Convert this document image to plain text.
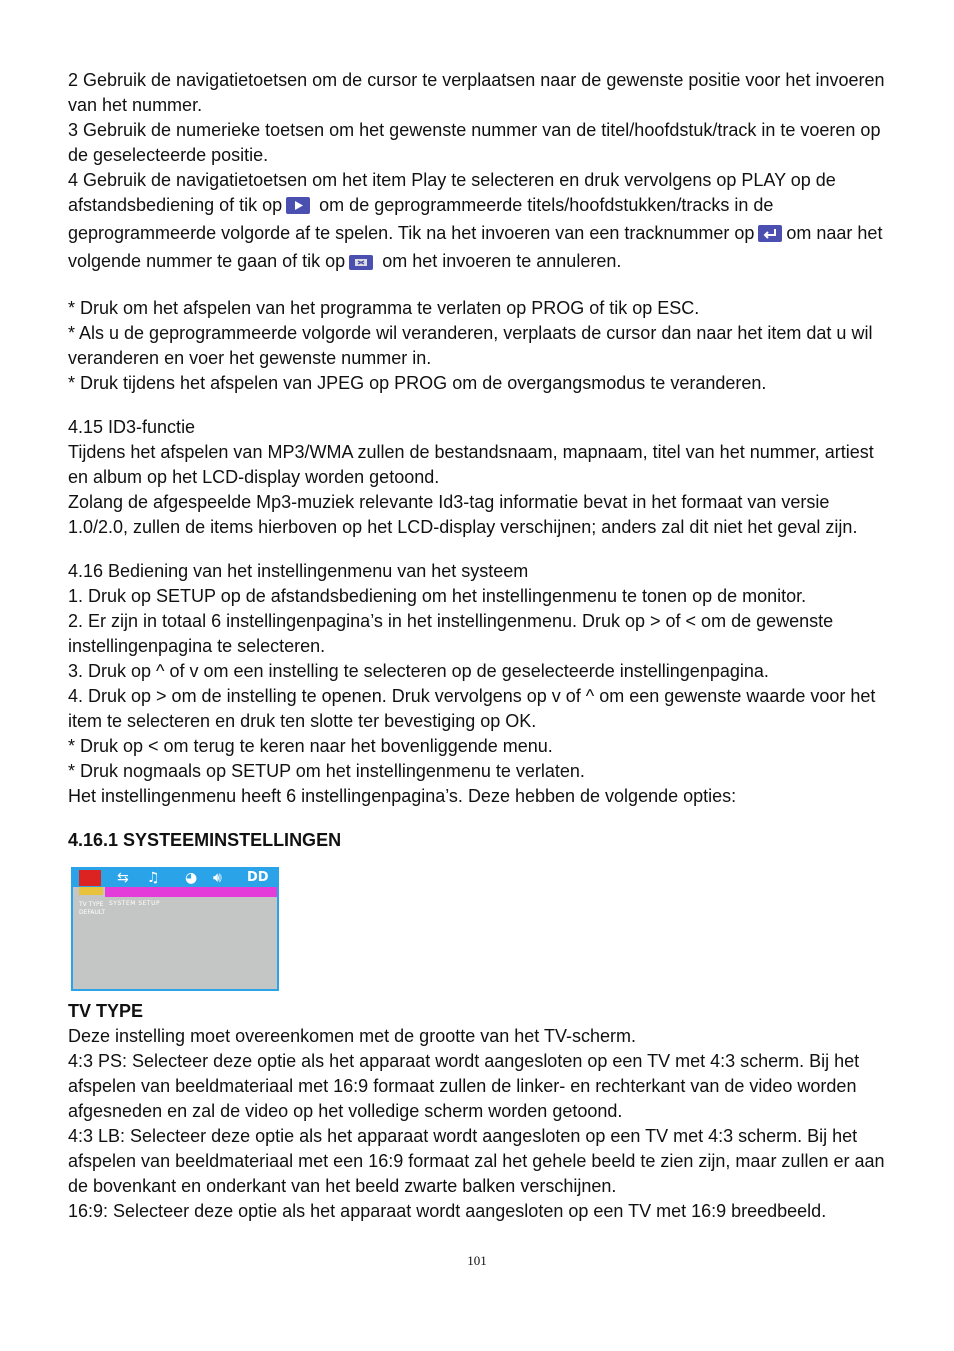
2 Gebruik de navigatietoetsen om de cursor te verplaatsen naar de gewenste positie voor het invoeren van het nummer.

3 Gebruik de numerieke toetsen om het gewenste nummer van de titel/hoofdstuk/track in te voeren op de geselecteerde positie.

4 Gebruik de navigatietoetsen om het item Play te selecteren en druk vervolgens op PLAY op de afstandsbediening of tik op om de geprogrammeerde titels/hoofdstukken/tracks in de geprogrammeerde volgorde af te spelen. Tik na het invoeren van een tracknummer op om naar het volgende nummer te gaan of tik op om het invoeren te annuleren.

* Druk om het afspelen van het programma te verlaten op PROG of tik op ESC.

* Als u de geprogrammeerde volgorde wil veranderen, verplaats de cursor dan naar het item dat u wil veranderen en voer het gewenste nummer in.

* Druk tijdens het afspelen van JPEG op PROG om de overgangsmodus te veranderen.

4.15 ID3-functie

Tijdens het afspelen van MP3/WMA zullen de bestandsnaam, mapnaam, titel van het nummer, artiest en album op het LCD-display worden getoond.

Zolang de afgespeelde Mp3-muziek relevante Id3-tag informatie bevat in het formaat van versie 1.0/2.0, zullen de items hierboven op het LCD-display verschijnen; anders zal dit niet het geval zijn.

4.16 Bediening van het instellingenmenu van het systeem

1. Druk op SETUP op de afstandsbediening om het instellingenmenu te tonen op de monitor.

2. Er zijn in totaal 6 instellingenpagina’s in het instellingenmenu. Druk op > of < om de gewenste instellingenpagina te selecteren.

3. Druk op ^ of v om een instelling te selecteren op de geselecteerde instellingenpagina.

4. Druk op > om de instelling te openen. Druk vervolgens op v of ^ om een gewenste waarde voor het item te selecteren en druk ten slotte ter bevestiging op OK.

* Druk op < om terug te keren naar het bovenliggende menu.

* Druk nogmaals op SETUP om het instellingenmenu te verlaten.

Het instellingenmenu heeft 6 instellingenpagina’s. Deze hebben de volgende opties:

4.16.1 SYSTEEMINSTELLINGEN

⇆ ♫ ◕ 🔊︎ DD
SYSTEM SETUP
TV TYPE
DEFAULT

TV TYPE

Deze instelling moet overeenkomen met de grootte van het TV-scherm.

4:3 PS: Selecteer deze optie als het apparaat wordt aangesloten op een TV met 4:3 scherm. Bij het afspelen van beeldmateriaal met 16:9 formaat zullen de linker- en rechterkant van de video worden afgesneden en zal de video op het volledige scherm worden getoond.

4:3 LB: Selecteer deze optie als het apparaat wordt aangesloten op een TV met 4:3 scherm. Bij het afspelen van beeldmateriaal met een 16:9 formaat zal het gehele beeld te zien zijn, maar zullen er aan de bovenkant en onderkant van het beeld zwarte balken verschijnen.

16:9: Selecteer deze optie als het apparaat wordt aangesloten op een TV met 16:9 breedbeeld.

101
